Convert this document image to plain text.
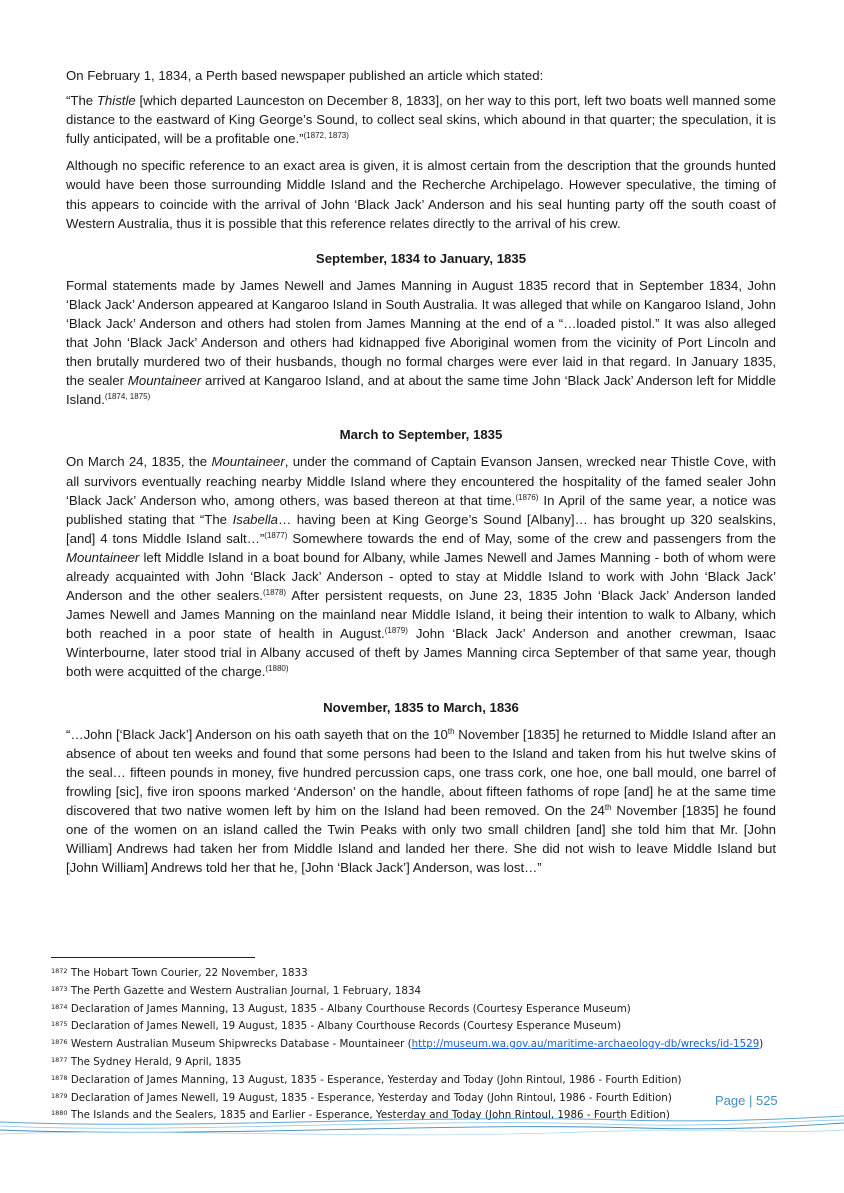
On February 1, 1834, a Perth based newspaper published an article which stated:

“The Thistle [which departed Launceston on December 8, 1833], on her way to this port, left two boats well manned some distance to the eastward of King George’s Sound, to collect seal skins, which abound in that quarter; the speculation, it is fully anticipated, will be a profitable one.”$^{(1872, 1873)}$

Although no specific reference to an exact area is given, it is almost certain from the description that the grounds hunted would have been those surrounding Middle Island and the Recherche Archipelago. However speculative, the timing of this appears to coincide with the arrival of John ‘Black Jack’ Anderson and his seal hunting party off the south coast of Western Australia, thus it is possible that this reference relates directly to the arrival of his crew.

September, 1834 to January, 1835

Formal statements made by James Newell and James Manning in August 1835 record that in September 1834, John ‘Black Jack’ Anderson appeared at Kangaroo Island in South Australia. It was alleged that while on Kangaroo Island, John ‘Black Jack’ Anderson and others had stolen from James Manning at the end of a “…loaded pistol.” It was also alleged that John ‘Black Jack’ Anderson and others had kidnapped five Aboriginal women from the vicinity of Port Lincoln and then brutally murdered two of their husbands, though no formal charges were ever laid in that regard. In January 1835, the sealer Mountaineer arrived at Kangaroo Island, and at about the same time John ‘Black Jack’ Anderson left for Middle Island.$^{(1874, 1875)}$

March to September, 1835

On March 24, 1835, the Mountaineer, under the command of Captain Evanson Jansen, wrecked near Thistle Cove, with all survivors eventually reaching nearby Middle Island where they encountered the hospitality of the famed sealer John ‘Black Jack’ Anderson who, among others, was based thereon at that time.$^{(1876)}$ In April of the same year, a notice was published stating that “The Isabella… having been at King George’s Sound [Albany]… has brought up 320 sealskins, [and] 4 tons Middle Island salt…”$^{(1877)}$ Somewhere towards the end of May, some of the crew and passengers from the Mountaineer left Middle Island in a boat bound for Albany, while James Newell and James Manning - both of whom were already acquainted with John ‘Black Jack’ Anderson - opted to stay at Middle Island to work with John ‘Black Jack’ Anderson and the other sealers.$^{(1878)}$ After persistent requests, on June 23, 1835 John ‘Black Jack’ Anderson landed James Newell and James Manning on the mainland near Middle Island, it being their intention to walk to Albany, which both reached in a poor state of health in August.$^{(1879)}$ John ‘Black Jack’ Anderson and another crewman, Isaac Winterbourne, later stood trial in Albany accused of theft by James Manning circa September of that same year, though both were acquitted of the charge.$^{(1880)}$

November, 1835 to March, 1836

“…John [‘Black Jack’] Anderson on his oath sayeth that on the 10th November [1835] he returned to Middle Island after an absence of about ten weeks and found that some persons had been to the Island and taken from his hut twelve skins of the seal… fifteen pounds in money, five hundred percussion caps, one trass cork, one hoe, one ball mould, one barrel of frowling [sic], five iron spoons marked ‘Anderson’ on the handle, about fifteen fathoms of rope [and] he at the same time discovered that two native women left by him on the Island had been removed. On the 24th November [1835] he found one of the women on an island called the Twin Peaks with only two small children [and] she told him that Mr. [John William] Andrews had taken her from Middle Island and landed her there. She did not wish to leave Middle Island but [John William] Andrews told her that he, [John ‘Black Jack’] Anderson, was lost…”

$^{1872}$ The Hobart Town Courier, 22 November, 1833
$^{1873}$ The Perth Gazette and Western Australian Journal, 1 February, 1834
$^{1874}$ Declaration of James Manning, 13 August, 1835 - Albany Courthouse Records (Courtesy Esperance Museum)
$^{1875}$ Declaration of James Newell, 19 August, 1835 - Albany Courthouse Records (Courtesy Esperance Museum)
$^{1876}$ Western Australian Museum Shipwrecks Database - Mountaineer (http://museum.wa.gov.au/maritime-archaeology-db/wrecks/id-1529)
$^{1877}$ The Sydney Herald, 9 April, 1835
$^{1878}$ Declaration of James Manning, 13 August, 1835 - Esperance, Yesterday and Today (John Rintoul, 1986 - Fourth Edition)
$^{1879}$ Declaration of James Newell, 19 August, 1835 - Esperance, Yesterday and Today (John Rintoul, 1986 - Fourth Edition)
$^{1880}$ The Islands and the Sealers, 1835 and Earlier - Esperance, Yesterday and Today (John Rintoul, 1986 - Fourth Edition)
Page | 525
